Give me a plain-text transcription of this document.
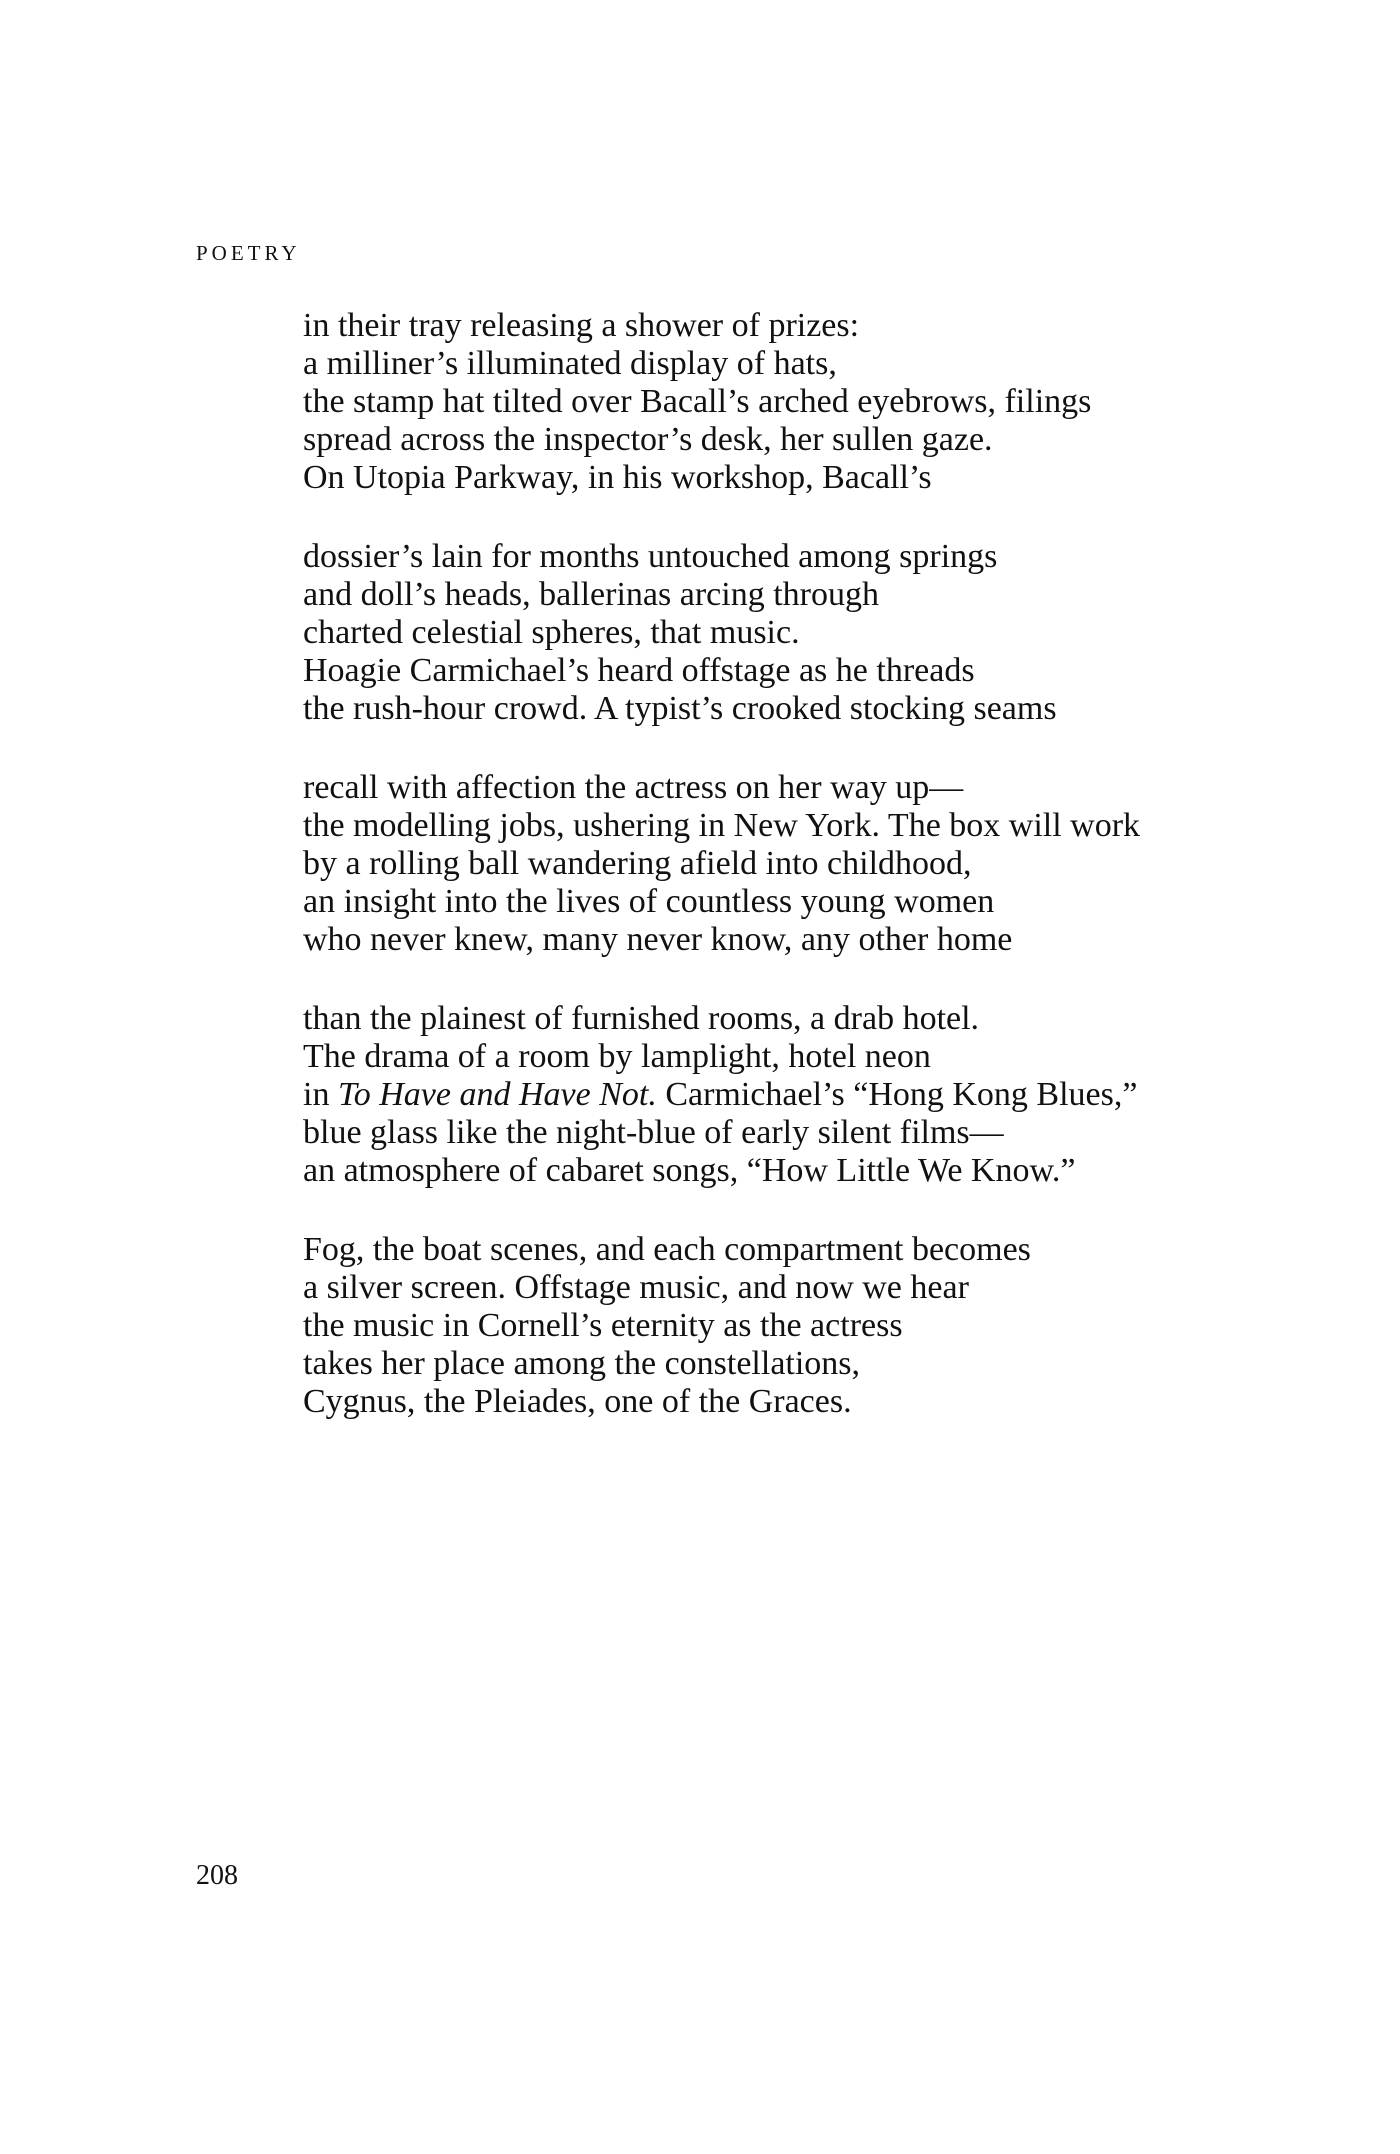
POETRY
in their tray releasing a shower of prizes:
a milliner’s illuminated display of hats,
the stamp hat tilted over Bacall’s arched eyebrows, filings
spread across the inspector’s desk, her sullen gaze.
On Utopia Parkway, in his workshop, Bacall’s
dossier’s lain for months untouched among springs
and doll’s heads, ballerinas arcing through
charted celestial spheres, that music.
Hoagie Carmichael’s heard offstage as he threads
the rush-hour crowd. A typist’s crooked stocking seams
recall with affection the actress on her way up—
the modelling jobs, ushering in New York. The box will work
by a rolling ball wandering afield into childhood,
an insight into the lives of countless young women
who never knew, many never know, any other home
than the plainest of furnished rooms, a drab hotel.
The drama of a room by lamplight, hotel neon
in To Have and Have Not. Carmichael’s “Hong Kong Blues,”
blue glass like the night-blue of early silent films—
an atmosphere of cabaret songs, “How Little We Know.”
Fog, the boat scenes, and each compartment becomes
a silver screen. Offstage music, and now we hear
the music in Cornell’s eternity as the actress
takes her place among the constellations,
Cygnus, the Pleiades, one of the Graces.

208
